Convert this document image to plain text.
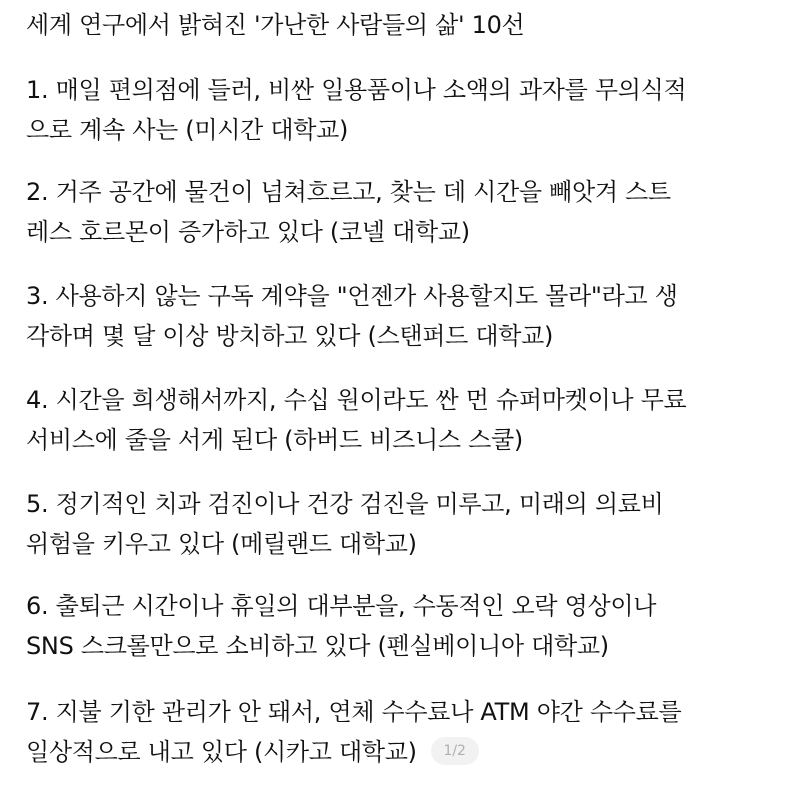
세계 연구에서 밝혀진 '가난한 사람들의 삶' 10선
1. 매일 편의점에 들러, 비싼 일용품이나 소액의 과자를 무의식적
으로 계속 사는 (미시간 대학교)
2. 거주 공간에 물건이 넘쳐흐르고, 찾는 데 시간을 빼앗겨 스트
레스 호르몬이 증가하고 있다 (코넬 대학교)
3. 사용하지 않는 구독 계약을 "언젠가 사용할지도 몰라"라고 생
각하며 몇 달 이상 방치하고 있다 (스탠퍼드 대학교)
4. 시간을 희생해서까지, 수십 원이라도 싼 먼 슈퍼마켓이나 무료
서비스에 줄을 서게 된다 (하버드 비즈니스 스쿨)
5. 정기적인 치과 검진이나 건강 검진을 미루고, 미래의 의료비
위험을 키우고 있다 (메릴랜드 대학교)
6. 출퇴근 시간이나 휴일의 대부분을, 수동적인 오락 영상이나
SNS 스크롤만으로 소비하고 있다 (펜실베이니아 대학교)
7. 지불 기한 관리가 안 돼서, 연체 수수료나 ATM 야간 수수료를
일상적으로 내고 있다 (시카고 대학교) 1/2
